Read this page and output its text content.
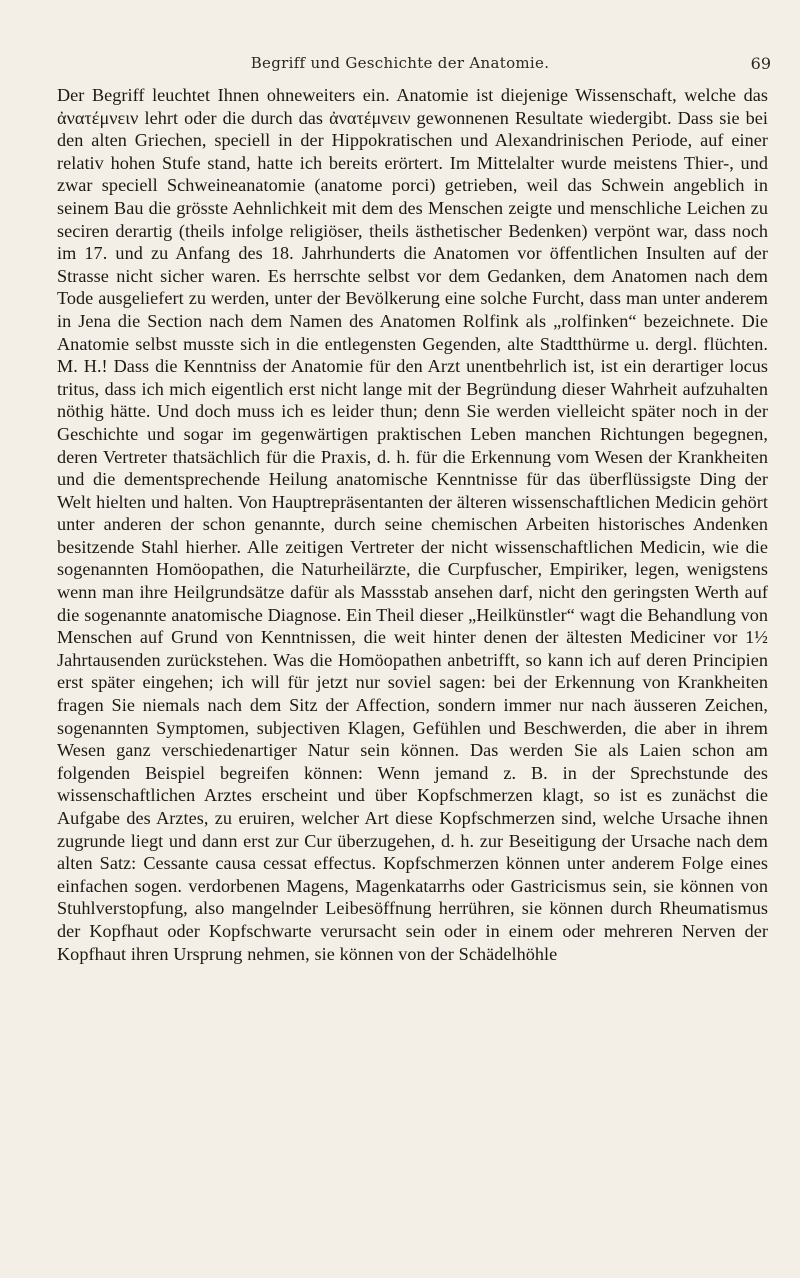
Begriff und Geschichte der Anatomie.	69

Der Begriff leuchtet Ihnen ohneweiters ein. Anatomie ist diejenige Wissenschaft, welche das ἀνατέμνειν lehrt oder die durch das ἀνατέμνειν gewonnenen Resultate wiedergibt. Dass sie bei den alten Griechen, speciell in der Hippokratischen und Alexandrinischen Periode, auf einer relativ hohen Stufe stand, hatte ich bereits erörtert. Im Mittelalter wurde meistens Thier-, und zwar speciell Schweineanatomie (anatome porci) getrieben, weil das Schwein angeblich in seinem Bau die grösste Aehnlichkeit mit dem des Menschen zeigte und menschliche Leichen zu seciren derartig (theils infolge religiöser, theils ästhetischer Bedenken) verpönt war, dass noch im 17. und zu Anfang des 18. Jahrhunderts die Anatomen vor öffentlichen Insulten auf der Strasse nicht sicher waren. Es herrschte selbst vor dem Gedanken, dem Anatomen nach dem Tode ausgeliefert zu werden, unter der Bevölkerung eine solche Furcht, dass man unter anderem in Jena die Section nach dem Namen des Anatomen Rolfink als „rolfinken“ bezeichnete. Die Anatomie selbst musste sich in die entlegensten Gegenden, alte Stadtthürme u. dergl. flüchten. M. H.! Dass die Kenntniss der Anatomie für den Arzt unentbehrlich ist, ist ein derartiger locus tritus, dass ich mich eigentlich erst nicht lange mit der Begründung dieser Wahrheit aufzuhalten nöthig hätte. Und doch muss ich es leider thun; denn Sie werden vielleicht später noch in der Geschichte und sogar im gegenwärtigen praktischen Leben manchen Richtungen begegnen, deren Vertreter thatsächlich für die Praxis, d. h. für die Erkennung vom Wesen der Krankheiten und die dementsprechende Heilung anatomische Kenntnisse für das überflüssigste Ding der Welt hielten und halten. Von Hauptrepräsentanten der älteren wissenschaftlichen Medicin gehört unter anderen der schon genannte, durch seine chemischen Arbeiten historisches Andenken besitzende Stahl hierher. Alle zeitigen Vertreter der nicht wissenschaftlichen Medicin, wie die sogenannten Homöopathen, die Naturheilärzte, die Curpfuscher, Empiriker, legen, wenigstens wenn man ihre Heilgrundsätze dafür als Massstab ansehen darf, nicht den geringsten Werth auf die sogenannte anatomische Diagnose. Ein Theil dieser „Heilkünstler“ wagt die Behandlung von Menschen auf Grund von Kenntnissen, die weit hinter denen der ältesten Mediciner vor 1½ Jahrtausenden zurückstehen. Was die Homöopathen anbetrifft, so kann ich auf deren Principien erst später eingehen; ich will für jetzt nur soviel sagen: bei der Erkennung von Krankheiten fragen Sie niemals nach dem Sitz der Affection, sondern immer nur nach äusseren Zeichen, sogenannten Symptomen, subjectiven Klagen, Gefühlen und Beschwerden, die aber in ihrem Wesen ganz verschiedenartiger Natur sein können. Das werden Sie als Laien schon am folgenden Beispiel begreifen können: Wenn jemand z. B. in der Sprechstunde des wissenschaftlichen Arztes erscheint und über Kopfschmerzen klagt, so ist es zunächst die Aufgabe des Arztes, zu eruiren, welcher Art diese Kopfschmerzen sind, welche Ursache ihnen zugrunde liegt und dann erst zur Cur überzugehen, d. h. zur Beseitigung der Ursache nach dem alten Satz: Cessante causa cessat effectus. Kopfschmerzen können unter anderem Folge eines einfachen sogen. verdorbenen Magens, Magenkatarrhs oder Gastricismus sein, sie können von Stuhlverstopfung, also mangelnder Leibesöffnung herrühren, sie können durch Rheumatismus der Kopfhaut oder Kopfschwarte verursacht sein oder in einem oder mehreren Nerven der Kopfhaut ihren Ursprung nehmen, sie können von der Schädelhöhle
